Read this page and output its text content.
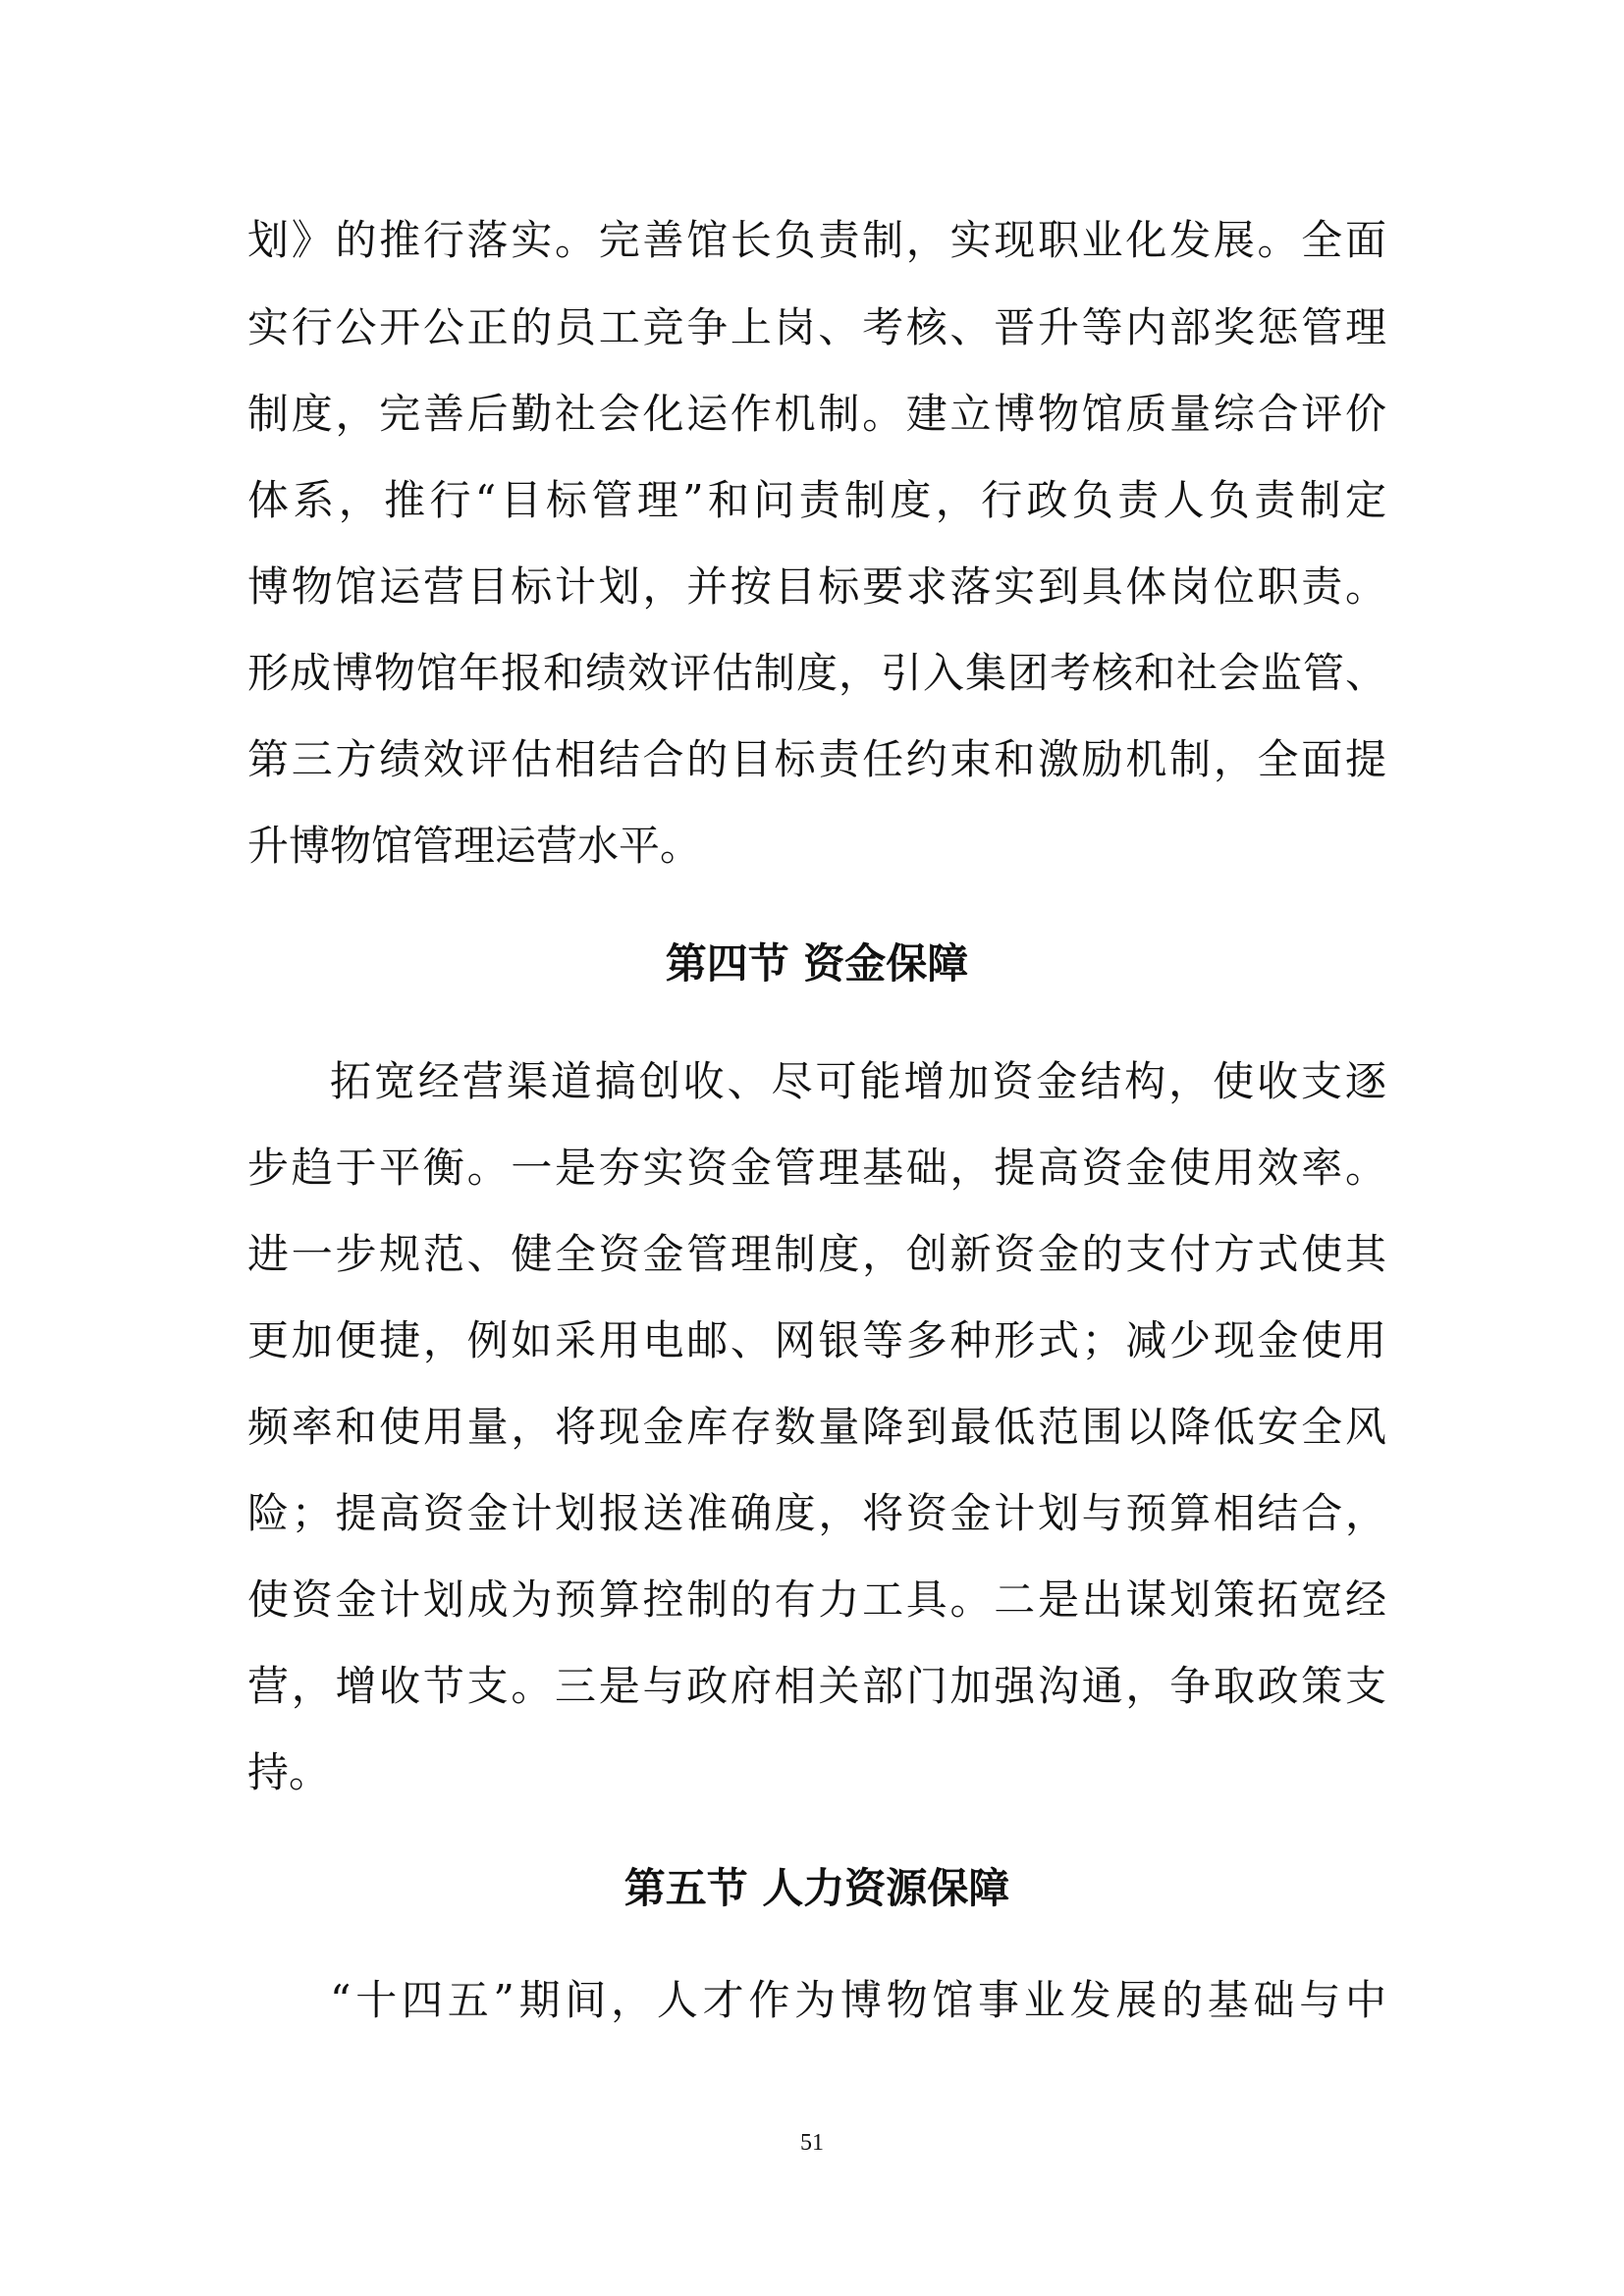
划》的推行落实。完善馆长负责制，实现职业化发展。全面
实行公开公正的员工竞争上岗、考核、晋升等内部奖惩管理
制度，完善后勤社会化运作机制。建立博物馆质量综合评价
体系，推行“目标管理”和问责制度，行政负责人负责制定
博物馆运营目标计划，并按目标要求落实到具体岗位职责。
形成博物馆年报和绩效评估制度，引入集团考核和社会监管、
第三方绩效评估相结合的目标责任约束和激励机制，全面提
升博物馆管理运营水平。
第四节 资金保障
拓宽经营渠道搞创收、尽可能增加资金结构，使收支逐
步趋于平衡。一是夯实资金管理基础，提高资金使用效率。
进一步规范、健全资金管理制度，创新资金的支付方式使其
更加便捷，例如采用电邮、网银等多种形式；减少现金使用
频率和使用量，将现金库存数量降到最低范围以降低安全风
险；提高资金计划报送准确度，将资金计划与预算相结合，
使资金计划成为预算控制的有力工具。二是出谋划策拓宽经
营，增收节支。三是与政府相关部门加强沟通，争取政策支
持。
第五节 人力资源保障
“十四五”期间，人才作为博物馆事业发展的基础与中
51
